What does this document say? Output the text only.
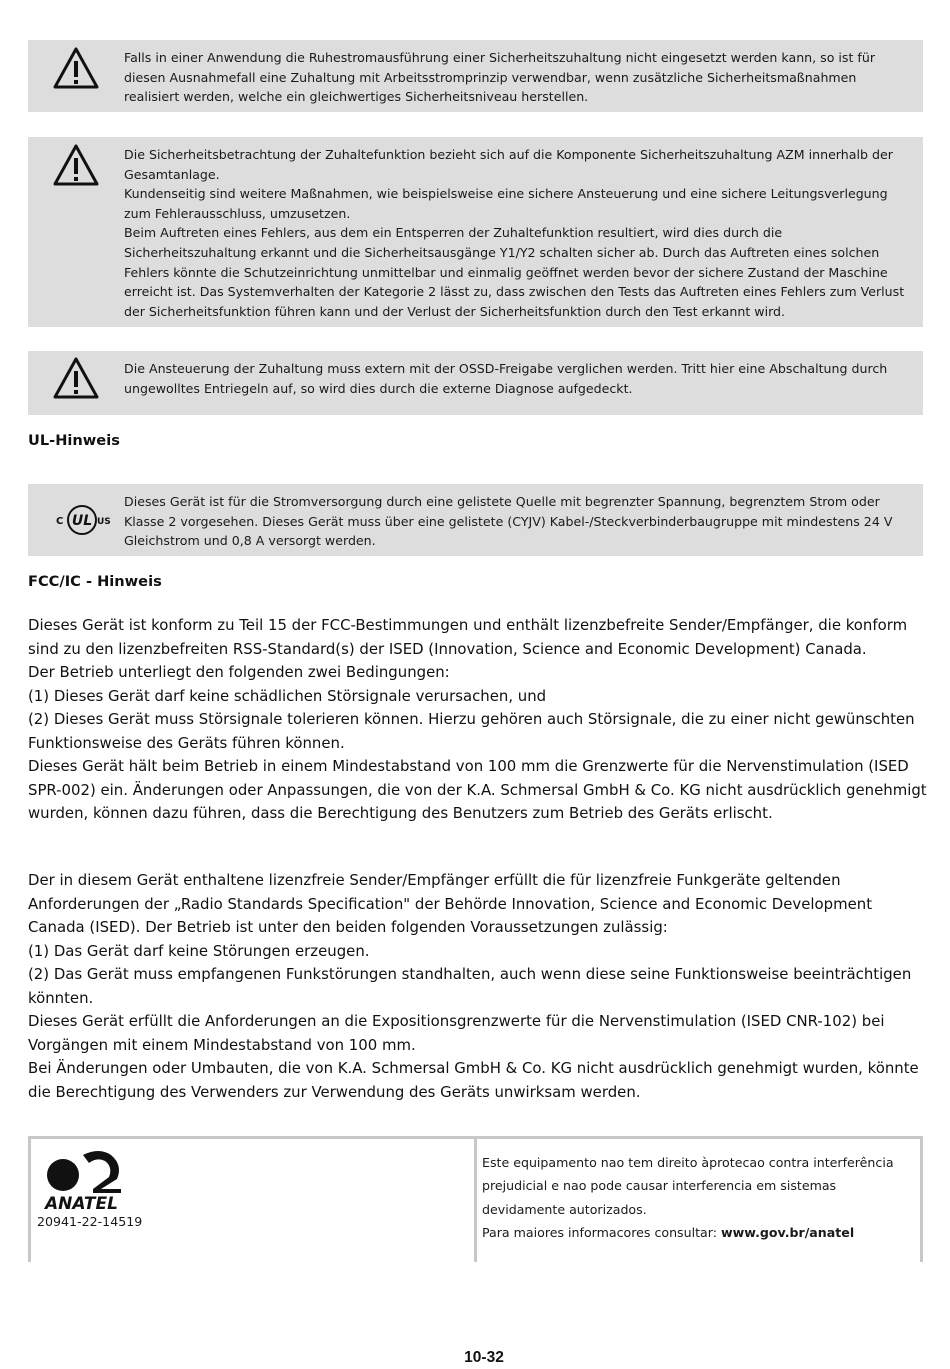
Falls in einer Anwendung die Ruhestromausführung einer Sicherheitszuhaltung nicht eingesetzt werden kann, so ist für diesen Ausnahmefall eine Zuhaltung mit Arbeitsstromprinzip verwendbar, wenn zusätzliche Sicherheitsmaßnahmen realisiert werden, welche ein gleichwertiges Sicherheitsniveau herstellen.

Die Sicherheitsbetrachtung der Zuhaltefunktion bezieht sich auf die Komponente Sicherheitszuhaltung AZM innerhalb der Gesamtanlage.

Kundenseitig sind weitere Maßnahmen, wie beispielsweise eine sichere Ansteuerung und eine sichere Leitungsverlegung zum Fehlerausschluss, umzusetzen.

Beim Auftreten eines Fehlers, aus dem ein Entsperren der Zuhaltefunktion resultiert, wird dies durch die Sicherheitszuhaltung erkannt und die Sicherheitsausgänge Y1/Y2 schalten sicher ab. Durch das Auftreten eines solchen Fehlers könnte die Schutzeinrichtung unmittelbar und einmalig geöffnet werden bevor der sichere Zustand der Maschine erreicht ist. Das Systemverhalten der Kategorie 2 lässt zu, dass zwischen den Tests das Auftreten eines Fehlers zum Verlust der Sicherheitsfunktion führen kann und der Verlust der Sicherheitsfunktion durch den Test erkannt wird.

Die Ansteuerung der Zuhaltung muss extern mit der OSSD-Freigabe verglichen werden. Tritt hier eine Abschaltung durch ungewolltes Entriegeln auf, so wird dies durch die externe Diagnose aufgedeckt.

UL-Hinweis
UL
C	US

Dieses Gerät ist für die Stromversorgung durch eine gelistete Quelle mit begrenzter Spannung, begrenztem Strom oder Klasse 2 vorgesehen. Dieses Gerät muss über eine gelistete (CYJV) Kabel-/Steckverbinderbaugruppe mit mindestens 24 V Gleichstrom und 0,8 A versorgt werden.

FCC/IC - Hinweis

Dieses Gerät ist konform zu Teil 15 der FCC-Bestimmungen und enthält lizenzbefreite Sender/Empfänger, die konform sind zu den lizenzbefreiten RSS-Standard(s) der ISED (Innovation, Science and Economic Development) Canada.

Der Betrieb unterliegt den folgenden zwei Bedingungen:

(1) Dieses Gerät darf keine schädlichen Störsignale verursachen, und

(2) Dieses Gerät muss Störsignale tolerieren können. Hierzu gehören auch Störsignale, die zu einer nicht gewünschten Funktionsweise des Geräts führen können.

Dieses Gerät hält beim Betrieb in einem Mindestabstand von 100 mm die Grenzwerte für die Nervenstimulation (ISED SPR-002) ein. Änderungen oder Anpassungen, die von der K.A. Schmersal GmbH & Co. KG nicht ausdrücklich genehmigt wurden, können dazu führen, dass die Berechtigung des Benutzers zum Betrieb des Geräts erlischt.

Der in diesem Gerät enthaltene lizenzfreie Sender/Empfänger erfüllt die für lizenzfreie Funkgeräte geltenden Anforderungen der „Radio Standards Specification" der Behörde Innovation, Science and Economic Development Canada (ISED). Der Betrieb ist unter den beiden folgenden Voraussetzungen zulässig:

(1) Das Gerät darf keine Störungen erzeugen.

(2) Das Gerät muss empfangenen Funkstörungen standhalten, auch wenn diese seine Funktionsweise beeinträchtigen könnten.

Dieses Gerät erfüllt die Anforderungen an die Expositionsgrenzwerte für die Nervenstimulation (ISED CNR-102) bei Vorgängen mit einem Mindestabstand von 100 mm.

Bei Änderungen oder Umbauten, die von K.A. Schmersal GmbH & Co. KG nicht ausdrücklich genehmigt wurden, könnte die Berechtigung des Verwenders zur Verwendung des Geräts unwirksam werden.

ANATEL
20941-22-14519

Este equipamento nao tem direito àprotecao contra interferência

prejudicial e nao pode causar interferencia em sistemas

devidamente autorizados.

Para maiores informacores consultar: www.gov.br/anatel

10-32
